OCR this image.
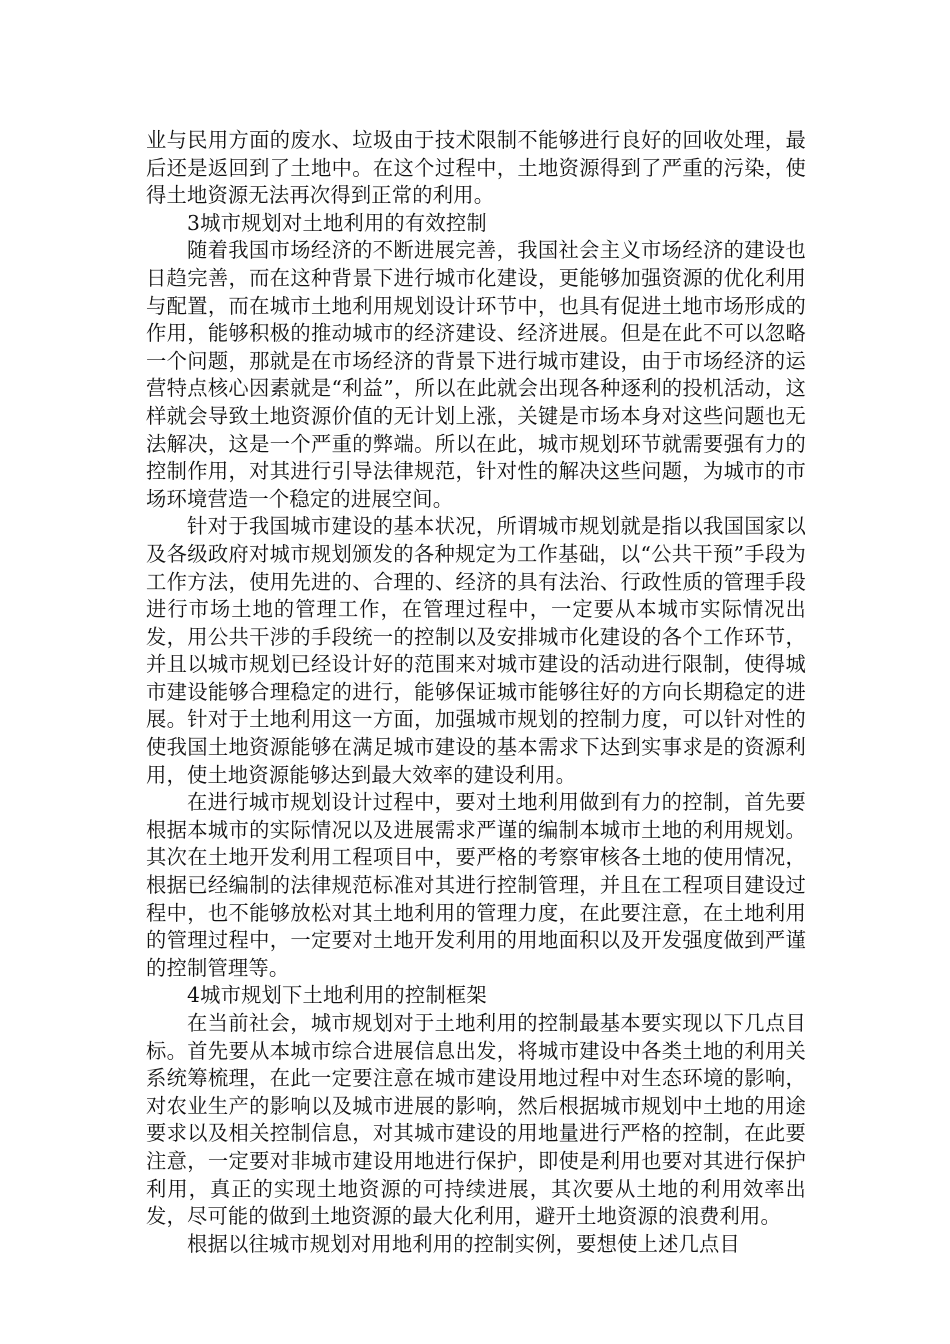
业与民用方面的废水、垃圾由于技术限制不能够进行良好的回收处理，最后还是返回到了土地中。在这个过程中，土地资源得到了严重的污染，使得土地资源无法再次得到正常的利用。

3城市规划对土地利用的有效控制

随着我国市场经济的不断进展完善，我国社会主义市场经济的建设也日趋完善，而在这种背景下进行城市化建设，更能够加强资源的优化利用与配置，而在城市土地利用规划设计环节中，也具有促进土地市场形成的作用，能够积极的推动城市的经济建设、经济进展。但是在此不可以忽略一个问题，那就是在市场经济的背景下进行城市建设，由于市场经济的运营特点核心因素就是“利益”，所以在此就会出现各种逐利的投机活动，这样就会导致土地资源价值的无计划上涨，关键是市场本身对这些问题也无法解决，这是一个严重的弊端。所以在此，城市规划环节就需要强有力的控制作用，对其进行引导法律规范，针对性的解决这些问题，为城市的市场环境营造一个稳定的进展空间。

针对于我国城市建设的基本状况，所谓城市规划就是指以我国国家以及各级政府对城市规划颁发的各种规定为工作基础，以“公共干预”手段为工作方法，使用先进的、合理的、经济的具有法治、行政性质的管理手段进行市场土地的管理工作，在管理过程中，一定要从本城市实际情况出发，用公共干涉的手段统一的控制以及安排城市化建设的各个工作环节，并且以城市规划已经设计好的范围来对城市建设的活动进行限制，使得城市建设能够合理稳定的进行，能够保证城市能够往好的方向长期稳定的进展。针对于土地利用这一方面，加强城市规划的控制力度，可以针对性的使我国土地资源能够在满足城市建设的基本需求下达到实事求是的资源利用，使土地资源能够达到最大效率的建设利用。

在进行城市规划设计过程中，要对土地利用做到有力的控制，首先要根据本城市的实际情况以及进展需求严谨的编制本城市土地的利用规划。其次在土地开发利用工程项目中，要严格的考察审核各土地的使用情况，根据已经编制的法律规范标准对其进行控制管理，并且在工程项目建设过程中，也不能够放松对其土地利用的管理力度，在此要注意，在土地利用的管理过程中，一定要对土地开发利用的用地面积以及开发强度做到严谨的控制管理等。

4城市规划下土地利用的控制框架

在当前社会，城市规划对于土地利用的控制最基本要实现以下几点目标。首先要从本城市综合进展信息出发，将城市建设中各类土地的利用关系统筹梳理，在此一定要注意在城市建设用地过程中对生态环境的影响，对农业生产的影响以及城市进展的影响，然后根据城市规划中土地的用途要求以及相关控制信息，对其城市建设的用地量进行严格的控制，在此要注意，一定要对非城市建设用地进行保护，即使是利用也要对其进行保护利用，真正的实现土地资源的可持续进展，其次要从土地的利用效率出发，尽可能的做到土地资源的最大化利用，避开土地资源的浪费利用。

根据以往城市规划对用地利用的控制实例，要想使上述几点目
